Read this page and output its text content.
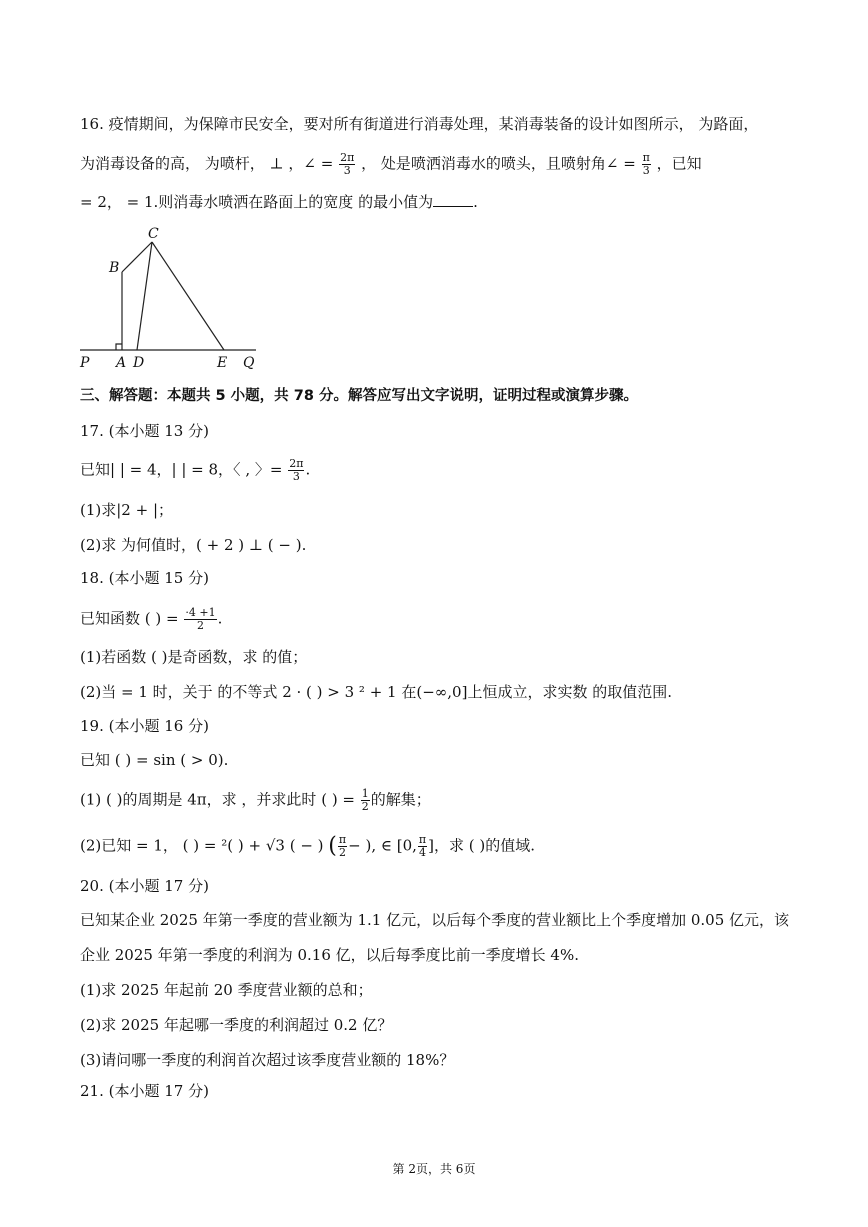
16. 疫情期间，为保障市民安全，要对所有街道进行消毒处理，某消毒装备的设计如图所示， 为路面，
为消毒设备的高， 为喷杆， ⊥ ，∠ = $\frac{2\pi}{3}$ ， 处是喷洒消毒水的喷头，且喷射角∠ = $\frac{\pi}{3}$ ，已知
= 2， = 1.则消毒水喷洒在路面上的宽度 的最小值为	.
C
B
P A D	E Q
三、解答题：本题共 5 小题，共 78 分。解答应写出文字说明，证明过程或演算步骤。
17. (本小题 13 分)
已知| | = 4，| | = 8，〈 , 〉= $\frac{2\pi}{3}$ .
(1)求|2 + |；
(2)求 为何值时，( + 2 ) ⊥ ( − ).
18. (本小题 15 分)
已知函数 ( ) = $\frac{\cdot 4 +1}{2}$ .
(1)若函数 ( )是奇函数，求 的值；
(2)当 = 1 时，关于 的不等式 2 · ( ) > 3 ² + 1 在(−∞,0]上恒成立，求实数 的取值范围.
19. (本小题 16 分)
已知 ( ) = sin ( > 0).
(1) ( )的周期是 4π，求 ，并求此时 ( ) = $\frac{1}{2}$ 的解集；
(2)已知 = 1， ( ) = ²( ) + √3 ( − ) ( $\frac{\pi}{2}$ − ), ∈ [0, $\frac{\pi}{4}$ ]，求 ( )的值域.
20. (本小题 17 分)
已知某企业 2025 年第一季度的营业额为 1.1 亿元，以后每个季度的营业额比上个季度增加 0.05 亿元，该
企业 2025 年第一季度的利润为 0.16 亿，以后每季度比前一季度增长 4%.
(1)求 2025 年起前 20 季度营业额的总和；
(2)求 2025 年起哪一季度的利润超过 0.2 亿？
(3)请问哪一季度的利润首次超过该季度营业额的 18%？
21. (本小题 17 分)
第 2页，共 6页
